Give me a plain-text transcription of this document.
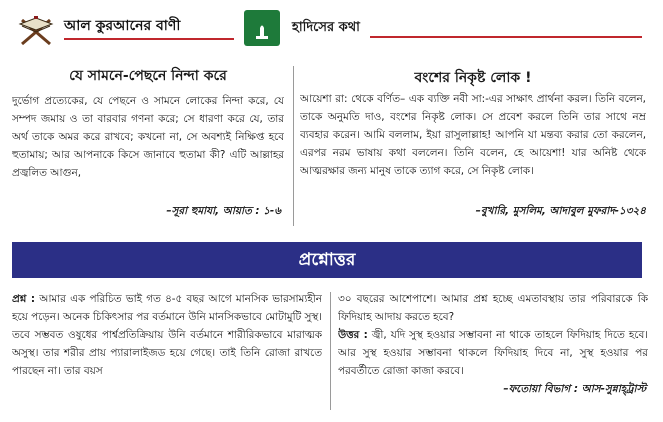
আল কুরআনের বাণী	হাদিসের কথা
যে সামনে-পেছনে নিন্দা করে
দুর্ভোগ প্রত্যেকের, যে পেছনে ও সামনে লোকের নিন্দা করে, যে সম্পদ জমায় ও তা বারবার গণনা করে; সে ধারণা করে যে, তার অর্থ তাকে অমর করে রাখবে; কখনো না, সে অবশ্যই নিক্ষিপ্ত হবে হুতামায়; আর আপনাকে কিসে জানাবে হুতামা কী? এটি আল্লাহর প্রজ্বলিত আগুন,
–সূরা হুমাযা, আয়াত : ১-৬
বংশের নিকৃষ্ট লোক !
আয়েশা রা: থেকে বর্ণিত– এক ব্যক্তি নবী সা:-এর সাক্ষাৎ প্রার্থনা করল। তিনি বলেন, তাকে অনুমতি দাও, বংশের নিকৃষ্ট লোক। সে প্রবেশ করলে তিনি তার সাথে নম্র ব্যবহার করেন। আমি বললাম, ইয়া রাসুলাল্লাহ! আপনি যা মন্তব্য করার তো করলেন, এরপর নরম ভাষায় কথা বললেন। তিনি বলেন, হে আয়েশা! যার অনিষ্ট থেকে আত্মরক্ষার জন্য মানুষ তাকে ত্যাগ করে, সে নিকৃষ্ট লোক।
–বুখারি, মুসলিম, আদাবুল মুফরাদ-১৩২৪
প্রশ্নোত্তর
প্রশ্ন : আমার এক পরিচিত ভাই গত ৪-৫ বছর আগে মানসিক ভারসাম্যহীন হয়ে পড়েন। অনেক চিকিৎসার পর বর্তমানে উনি মানসিকভাবে মোটামুটি সুস্থ। তবে সম্ভবত ওষুধের পার্শ্বপ্রতিক্রিয়ায় উনি বর্তমানে শারীরিকভাবে মারাত্মক অসুস্থ। তার শরীর প্রায় প্যারালাইজড হয়ে গেছে। তাই তিনি রোজা রাখতে পারছেন না। তার বয়স
৩০ বছরের আশেপাশে। আমার প্রশ্ন হচ্ছে এমতাবস্থায় তার পরিবারকে কি ফিদিয়াহ আদায় করতে হবে?
উত্তর : জ্বী, যদি সুস্থ হওয়ার সম্ভাবনা না থাকে তাহলে ফিদিয়াহ দিতে হবে। আর সুস্থ হওয়ার সম্ভাবনা থাকলে ফিদিয়াহ দিবে না, সুস্থ হওয়ার পর পরবর্তীতে রোজা কাজা করবে।
–ফতোয়া বিভাগ : আস-সুন্নাহ্‌ট্রাস্ট
